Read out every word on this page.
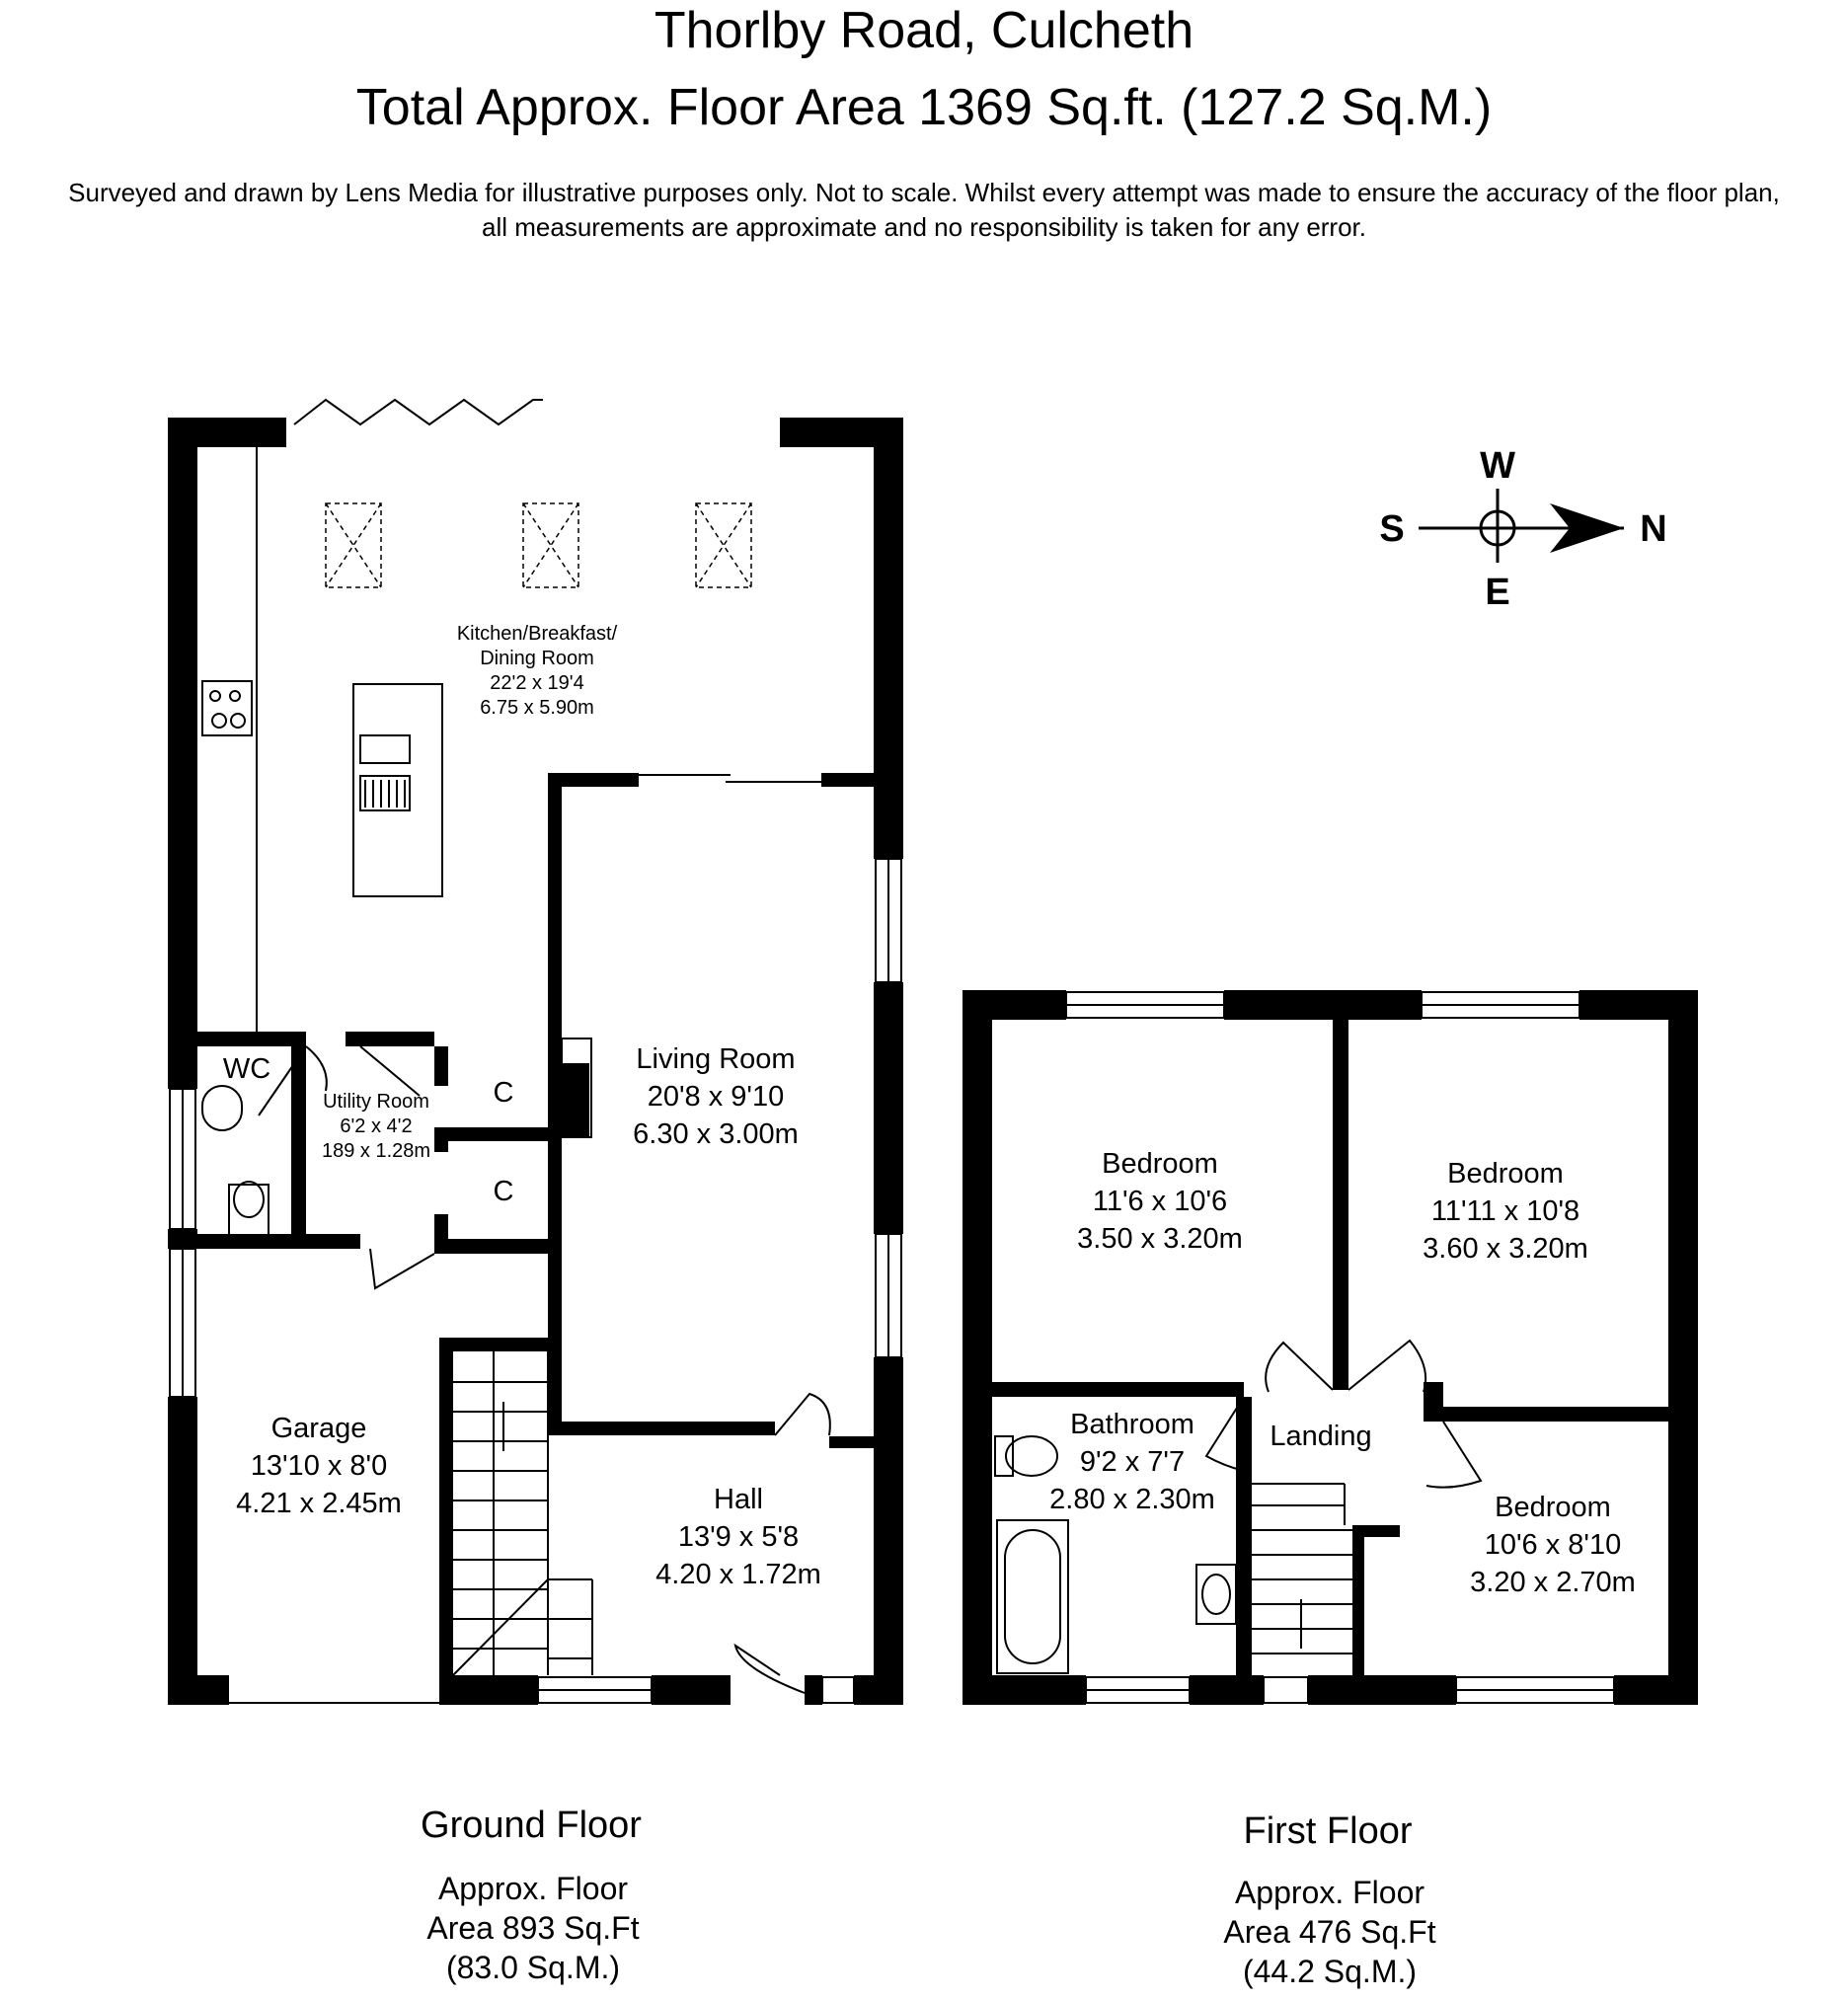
Thorlby Road, Culcheth
Total Approx. Floor Area 1369 Sq.ft. (127.2 Sq.M.)
Surveyed and drawn by Lens Media for illustrative purposes only. Not to scale. Whilst every attempt was made to ensure the accuracy of the floor plan,
all measurements are approximate and no responsibility is taken for any error.
W
S
E
N
Kitchen/Breakfast/
Dining Room
22'2 x 19'4
6.75 x 5.90m
Living Room
20'8 x 9'10
6.30 x 3.00m
WC
Utility Room
6'2 x 4'2
189 x 1.28m
C
C
Garage
13'10 x 8'0
4.21 x 2.45m	Hall
13'9 x 5'8
4.20 x 1.72m
Bedroom
11'6 x 10'6
3.50 x 3.20m
Bedroom
11'11 x 10'8
3.60 x 3.20m
Bathroom
9'2 x 7'7
2.80 x 2.30m
Landing
Bedroom
10'6 x 8'10
3.20 x 2.70m
Ground Floor
Approx. Floor
Area 893 Sq.Ft
(83.0 Sq.M.)
First Floor
Approx. Floor
Area 476 Sq.Ft
(44.2 Sq.M.)
